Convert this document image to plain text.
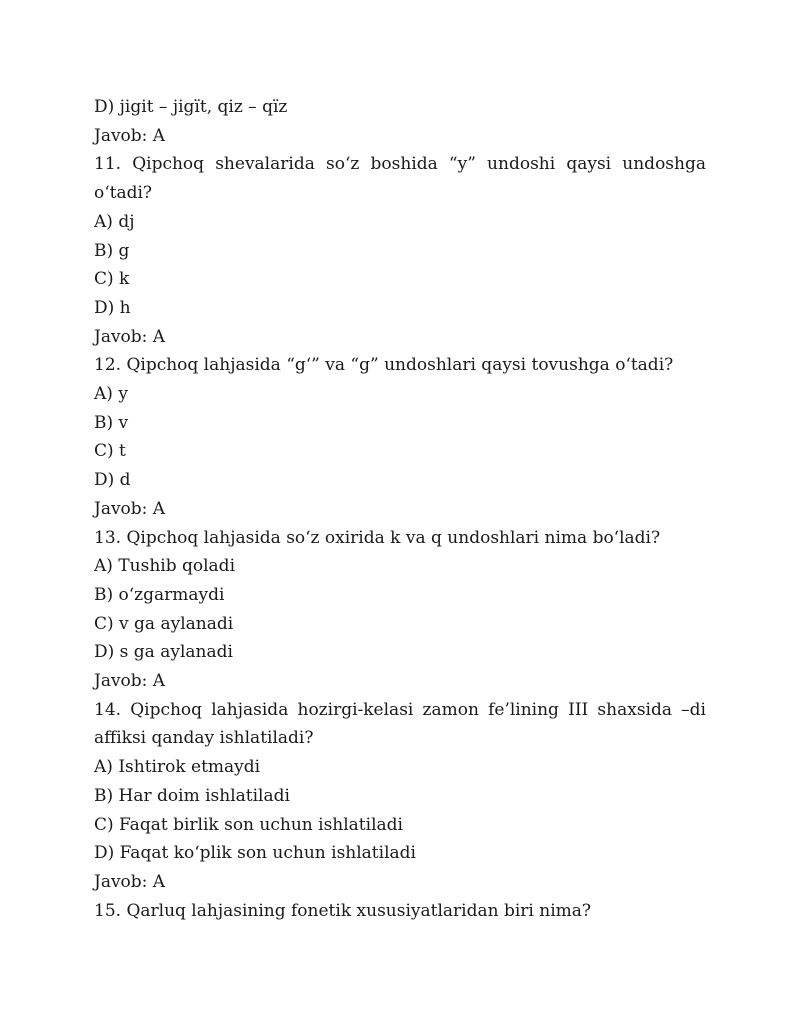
D) jigit – jigït, qiz – qïz
Javob: A
11. Qipchoq shevalarida so‘z boshida “y” undoshi qaysi undoshga
o‘tadi?
A) dj
B) g
C) k
D) h
Javob: A
12. Qipchoq lahjasida “g‘” va “g” undoshlari qaysi tovushga o‘tadi?
A) y
B) v
C) t
D) d
Javob: A
13. Qipchoq lahjasida so‘z oxirida k va q undoshlari nima bo‘ladi?
A) Tushib qoladi
B) o‘zgarmaydi
C) v ga aylanadi
D) s ga aylanadi
Javob: A
14. Qipchoq lahjasida hozirgi-kelasi zamon fe’lining III shaxsida –di
affiksi qanday ishlatiladi?
A) Ishtirok etmaydi
B) Har doim ishlatiladi
C) Faqat birlik son uchun ishlatiladi
D) Faqat ko‘plik son uchun ishlatiladi
Javob: A
15. Qarluq lahjasining fonetik xususiyatlaridan biri nima?
